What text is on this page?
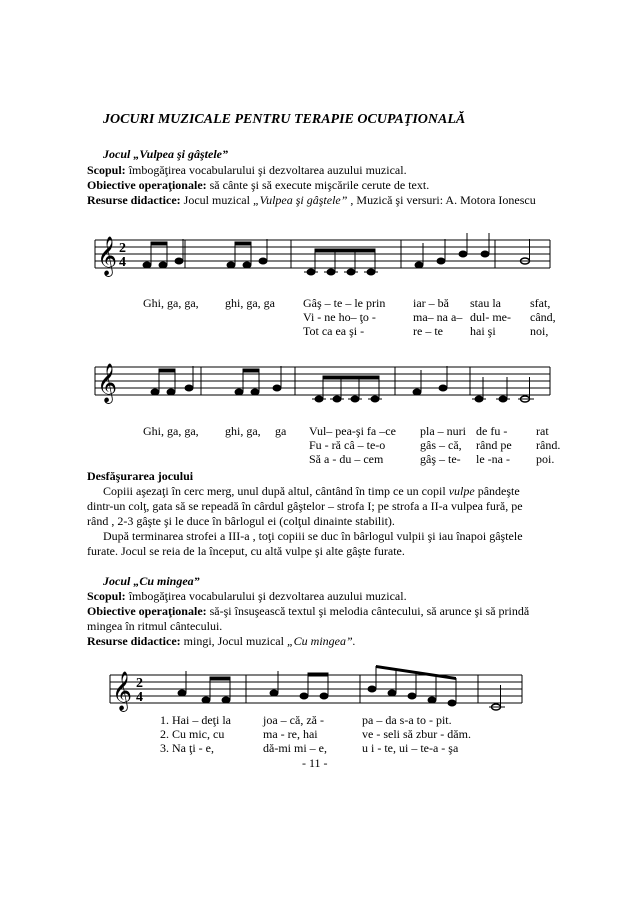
JOCURI MUZICALE PENTRU TERAPIE OCUPAŢIONALĂ
Jocul „Vulpea şi gâştele”
Scopul: îmbogăţirea vocabularului şi dezvoltarea auzului muzical.
Obiective operaţionale: să cânte şi să execute mişcările cerute de text.
Resurse didactice: Jocul muzical „Vulpea şi gâştele” , Muzică şi versuri: A. Motora Ionescu
𝄞 2
4
Ghi, ga, ga, ghi, ga, ga Gâş – te – le prin
Vi - ne ho– ţo -
Tot ca ea şi -
iar – bă
ma– na a–
re – te
stau la
dul- me-
hai şi
sfat,
când,
noi,
𝄞
Ghi, ga, ga, ghi, ga, ga Vul– pea-şi fa –ce
Fu - ră câ – te-o
Să a - du – cem
pla – nuri
gâs – că,
gâş – te-
de fu -
rând pe
le -na -
rat
rând.
poi.
Desfăşurarea jocului
Copiii aşezaţi în cerc merg, unul după altul, cântând în timp ce un copil vulpe pândeşte
dintr-un colţ, gata să se repeadă în cârdul gâştelor – strofa I; pe strofa a II-a vulpea fură, pe
rând , 2-3 gâşte şi le duce în bârlogul ei (colţul dinainte stabilit).
După terminarea strofei a III-a , toţi copiii se duc în bârlogul vulpii şi iau înapoi gâştele
furate. Jocul se reia de la început, cu altă vulpe şi alte gâşte furate.
Jocul „Cu mingea”
Scopul: îmbogăţirea vocabularului şi dezvoltarea auzului muzical.
Obiective operaţionale: să-şi însuşească textul şi melodia cântecului, să arunce şi să prindă
mingea în ritmul cântecului.
Resurse didactice: mingi, Jocul muzical „Cu mingea”.
𝄞 2
4
1. Hai – deţi la
2. Cu mic, cu
3. Na ţi - e,
joa – că, ză -
ma - re, hai
dă-mi mi – e,
pa – da s-a to - pit.
ve - seli să zbur - dăm.
u i - te, ui – te-a - şa
- 11 -
